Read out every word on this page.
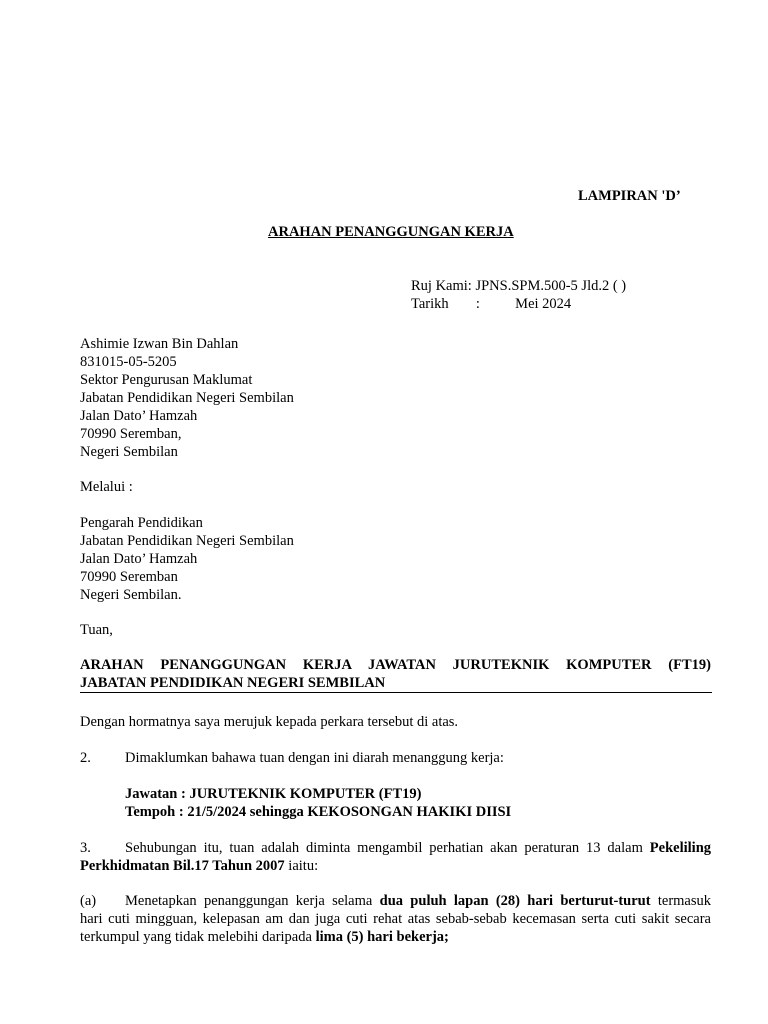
LAMPIRAN 'D’
ARAHAN PENANGGUNGAN KERJA
Ruj Kami: JPNS.SPM.500-5 Jld.2 ( )
Tarikh : Mei 2024
Ashimie Izwan Bin Dahlan
831015-05-5205
Sektor Pengurusan Maklumat
Jabatan Pendidikan Negeri Sembilan
Jalan Dato’ Hamzah
70990 Seremban,
Negeri Sembilan
Melalui :
Pengarah Pendidikan
Jabatan Pendidikan Negeri Sembilan
Jalan Dato’ Hamzah
70990 Seremban
Negeri Sembilan.
Tuan,
ARAHAN PENANGGUNGAN KERJA JAWATAN JURUTEKNIK KOMPUTER (FT19)
JABATAN PENDIDIKAN NEGERI SEMBILAN
Dengan hormatnya saya merujuk kepada perkara tersebut di atas.
2. Dimaklumkan bahawa tuan dengan ini diarah menanggung kerja:
Jawatan : JURUTEKNIK KOMPUTER (FT19)
Tempoh : 21/5/2024 sehingga KEKOSONGAN HAKIKI DIISI
3. Sehubungan itu, tuan adalah diminta mengambil perhatian akan peraturan 13 dalam Pekeliling
Perkhidmatan Bil.17 Tahun 2007 iaitu:
(a) Menetapkan penanggungan kerja selama dua puluh lapan (28) hari berturut-turut termasuk
hari cuti mingguan, kelepasan am dan juga cuti rehat atas sebab-sebab kecemasan serta cuti sakit secara
terkumpul yang tidak melebihi daripada lima (5) hari bekerja;
